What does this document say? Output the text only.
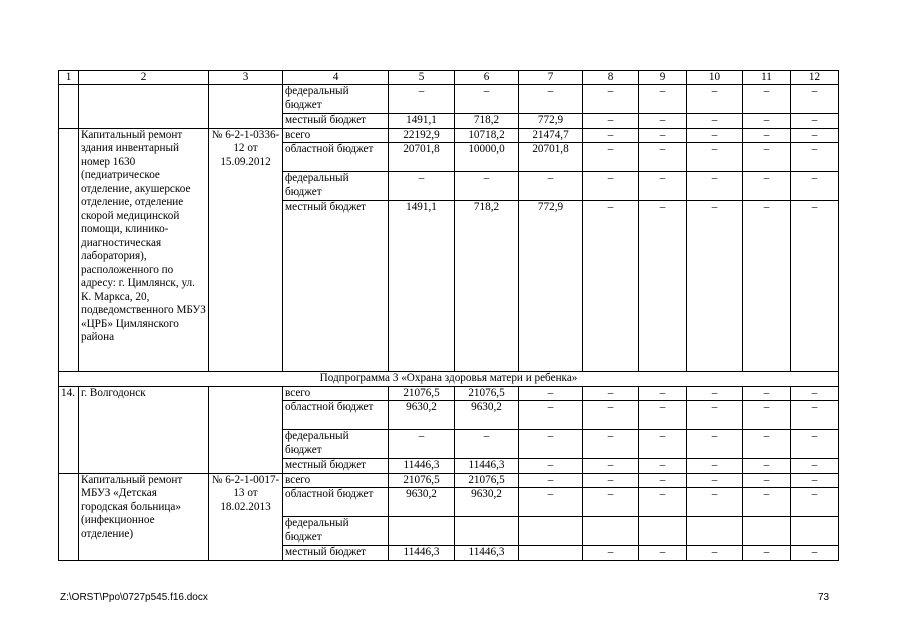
1	2	3	4	5	6	7	8	9	10	11	12
			федеральный бюджет	–	–	–	–	–	–	–	–
			местный бюджет	1491,1	718,2	772,9	–	–	–	–	–
	Капитальный ремонт здания инвентарный номер 1630 (педиатрическое отделение, акушерское отделение, отделение скорой медицинской помощи, клинико-диагностическая лаборатория), расположенного по адресу: г. Цимлянск, ул. К. Маркса, 20, подведомственного МБУЗ «ЦРБ» Цимлянского района	№ 6-2-1-0336-12 от 15.09.2012	всего	22192,9	10718,2	21474,7	–	–	–	–	–
			областной бюджет	20701,8	10000,0	20701,8	–	–	–	–	–
			федеральный бюджет	–	–	–	–	–	–	–	–
			местный бюджет	1491,1	718,2	772,9	–	–	–	–	–
Подпрограмма 3 «Охрана здоровья матери и ребенка»											
14.	г. Волгодонск		всего	21076,5	21076,5	–	–	–	–	–	–
			областной бюджет	9630,2	9630,2	–	–	–	–	–	–
			федеральный бюджет	–	–	–	–	–	–	–	–
			местный бюджет	11446,3	11446,3	–	–	–	–	–	–
	Капитальный ремонт МБУЗ «Детская городская больница» (инфекционное отделение)	№ 6-2-1-0017-13 от 18.02.2013	всего	21076,5	21076,5	–	–	–	–	–	–
			областной бюджет	9630,2	9630,2	–	–	–	–	–	–
			федеральный бюджет								
			местный бюджет	11446,3	11446,3		–	–	–	–	–
Z:\ORST\Ppo\0727p545.f16.docx	73
